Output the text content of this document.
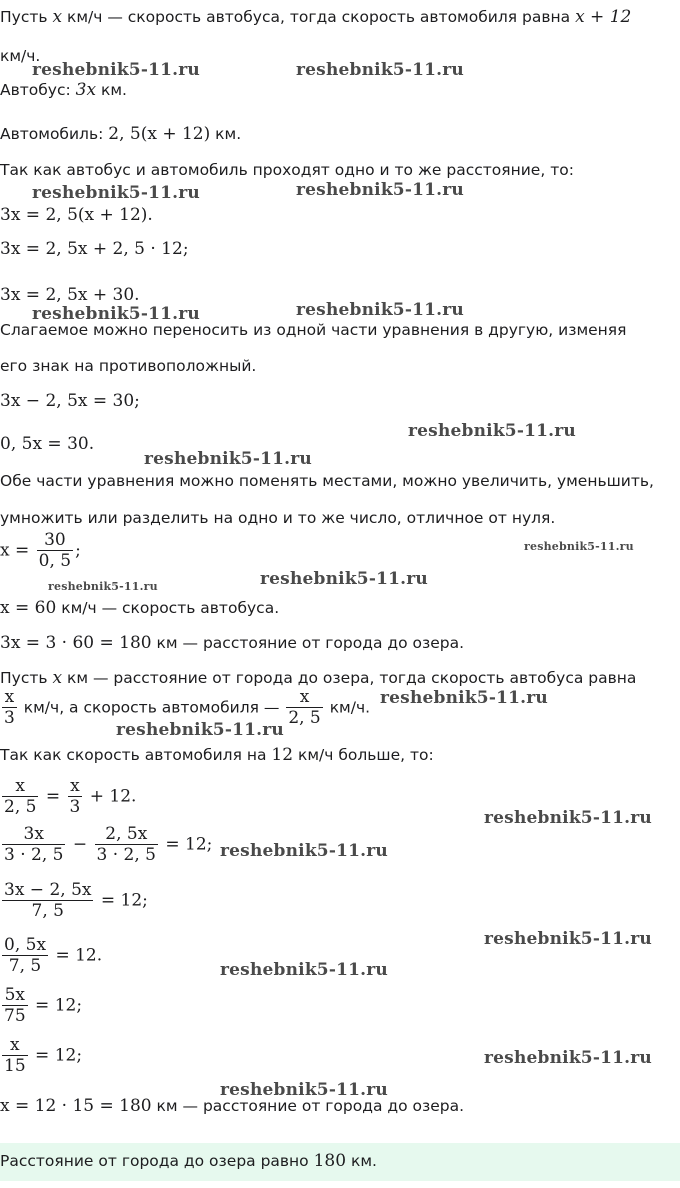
Пусть x км/ч — скорость автобуса, тогда скорость автомобиля равна x + 12
км/ч.
reshebnik5-11.ru	reshebnik5-11.ru
Автобус: 3x км.
Автомобиль: 2, 5(x + 12) км.
Так как автобус и автомобиль проходят одно и то же расстояние, то:
reshebnik5-11.ru	reshebnik5-11.ru
3x = 2, 5(x + 12).
3x = 2, 5x + 2, 5 · 12;
3x = 2, 5x + 30.
reshebnik5-11.ru	reshebnik5-11.ru
Слагаемое можно переносить из одной части уравнения в другую, изменяя
его знак на противоположный.
3x − 2, 5x = 30;
reshebnik5-11.ru
0, 5x = 30.
reshebnik5-11.ru
Обе части уравнения можно поменять местами, можно увеличить, уменьшить,
умножить или разделить на одно и то же число, отличное от нуля.
$x = \frac{30}{0, 5}$ ;	reshebnik5-11.ru
reshebnik5-11.ru	reshebnik5-11.ru
x = 60 км/ч — скорость автобуса.
3x = 3 · 60 = 180 км — расстояние от города до озера.
Пусть x км — расстояние от города до озера, тогда скорость автобуса равна
$\frac{x}{3} км/ч$, а скорость автомобиля — $\frac{x}{2, 5} км/ч$. reshebnik5-11.ru
reshebnik5-11.ru
Так как скорость автомобиля на 12 км/ч больше, то:
$\frac{x}{2, 5} = \frac{x}{3} + 12$.
reshebnik5-11.ru
$\frac{3x}{3 \cdot 2, 5} - \frac{2, 5x}{3 \cdot 2, 5} = 12$; reshebnik5-11.ru
$\frac{3x - 2, 5x}{7, 5} = 12$;
reshebnik5-11.ru
$\frac{0, 5x}{7, 5} = 12$.
reshebnik5-11.ru
$\frac{5x}{75} = 12$;
$\frac{x}{15} = 12$;	reshebnik5-11.ru
reshebnik5-11.ru
x = 12 · 15 = 180 км — расстояние от города до озера.
Расстояние от города до озера равно 180 км.
